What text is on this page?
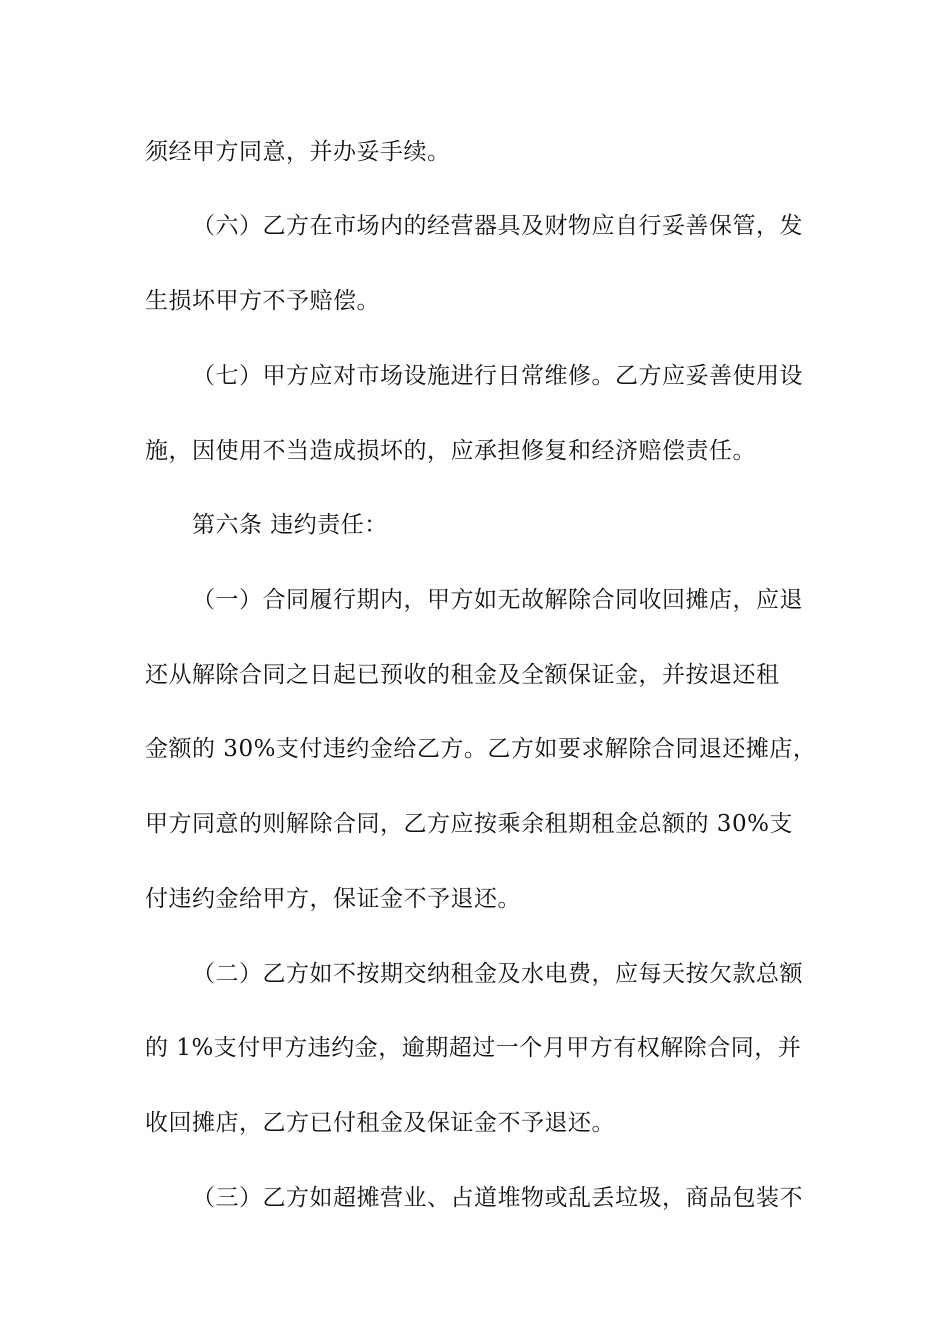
须经甲方同意，并办妥手续。
（六）乙方在市场内的经营器具及财物应自行妥善保管，发
生损坏甲方不予赔偿。
（七）甲方应对市场设施进行日常维修。乙方应妥善使用设
施，因使用不当造成损坏的，应承担修复和经济赔偿责任。
第六条 违约责任：
（一）合同履行期内，甲方如无故解除合同收回摊店，应退
还从解除合同之日起已预收的租金及全额保证金，并按退还租
金额的 30%支付违约金给乙方。乙方如要求解除合同退还摊店，
甲方同意的则解除合同，乙方应按乘余租期租金总额的 30%支
付违约金给甲方，保证金不予退还。
（二）乙方如不按期交纳租金及水电费，应每天按欠款总额
的 1%支付甲方违约金，逾期超过一个月甲方有权解除合同，并
收回摊店，乙方已付租金及保证金不予退还。
（三）乙方如超摊营业、占道堆物或乱丢垃圾，商品包装不
